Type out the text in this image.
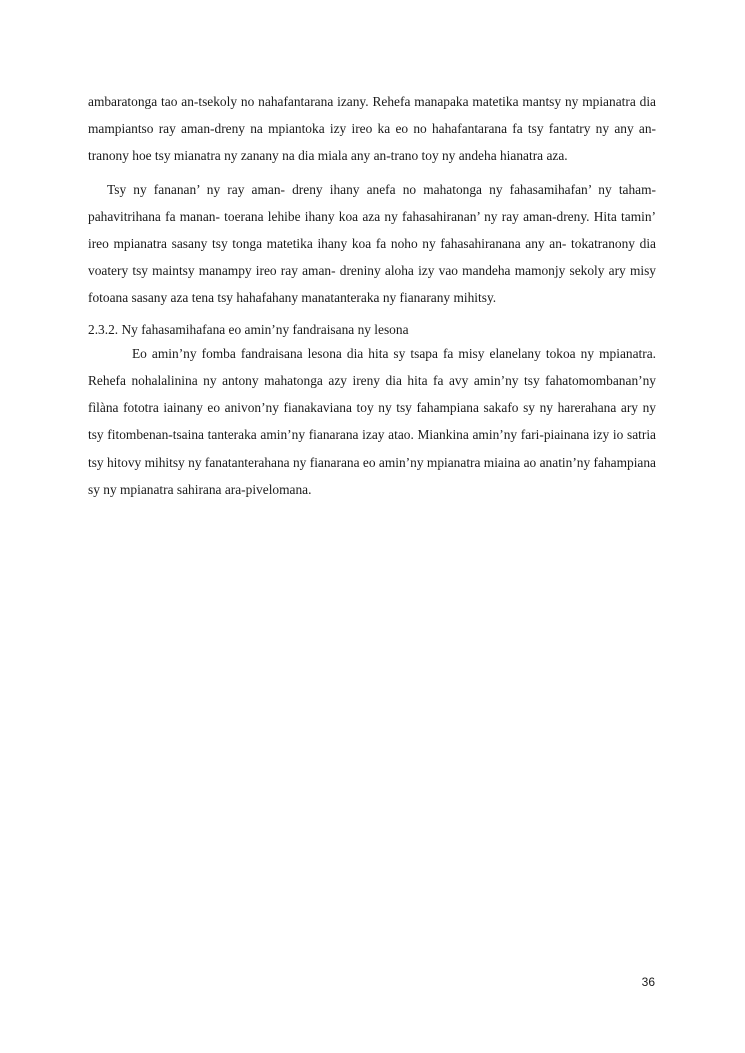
ambaratonga tao an-tsekoly no nahafantarana izany. Rehefa manapaka matetika mantsy ny mpianatra dia mampiantso ray aman-dreny na mpiantoka izy ireo ka eo no hahafantarana fa tsy fantatry ny any an-tranony hoe tsy mianatra ny zanany na dia miala any an-trano toy ny andeha hianatra aza.

Tsy ny fananan’ ny ray aman- dreny ihany anefa no mahatonga ny fahasamihafan’ ny taham- pahavitrihana fa manan- toerana lehibe ihany koa aza ny fahasahiranan’ ny ray aman-dreny. Hita tamin’ ireo mpianatra sasany tsy tonga matetika ihany koa fa noho ny fahasahiranana any an- tokatranony dia voatery tsy maintsy manampy ireo ray aman- dreniny aloha izy vao mandeha mamonjy sekoly ary misy fotoana sasany aza tena tsy hahafahany manatanteraka ny fianarany mihitsy.

2.3.2. Ny fahasamihafana eo amin’ny fandraisana ny lesona

Eo amin’ny fomba fandraisana lesona dia hita sy tsapa fa misy elanelany tokoa ny mpianatra. Rehefa nohalalinina ny antony mahatonga azy ireny dia hita fa avy amin’ny tsy fahatomombanan’ny fìlàna fototra iainany eo anivon’ny fianakaviana toy ny tsy fahampiana sakafo sy ny harerahana ary ny tsy fitombenan-tsaina tanteraka amin’ny fianarana izay atao. Miankina amin’ny fari-piainana izy io satria tsy hitovy mihitsy ny fanatanterahana ny fianarana eo amin’ny mpianatra miaina ao anatin’ny fahampiana sy ny mpianatra sahirana ara-pivelomana.

36
